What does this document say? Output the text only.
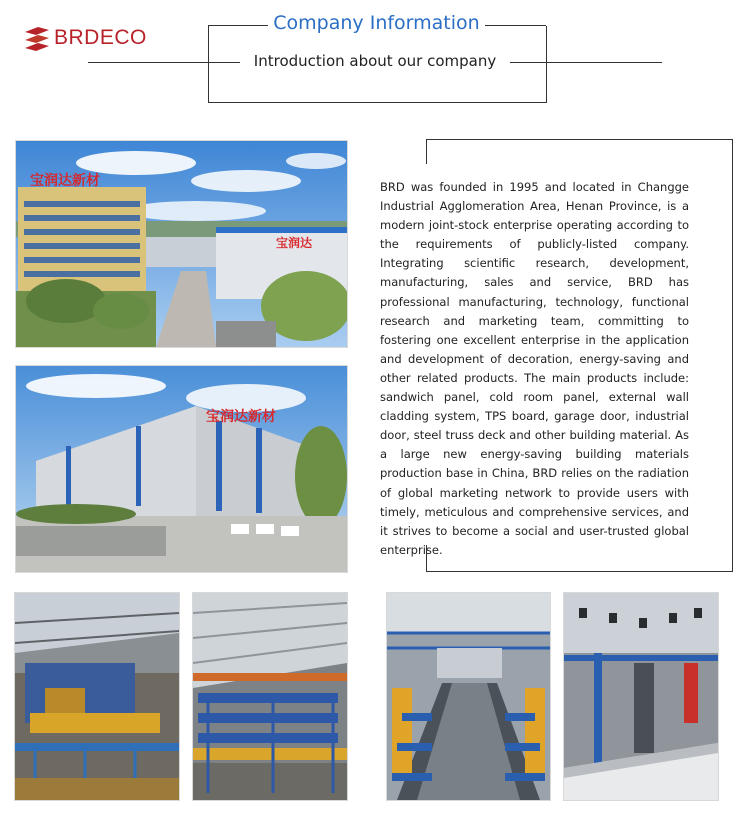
BRDECO
Company Information
Introduction about our company
宝润达新材
宝润达
宝润达新材
BRD was founded in 1995 and located in Changge Industrial Agglomeration Area, Henan Province, is a modern joint-stock enterprise operating according to the requirements of publicly-listed company. Integrating scientific research, development, manufacturing, sales and service, BRD has professional manufacturing, technology, functional research and marketing team, committing to fostering one excellent enterprise in the application and development of decoration, energy-saving and other related products. The main products include: sandwich panel, cold room panel, external wall cladding system, TPS board, garage door, industrial door, steel truss deck and other building material. As a large new energy-saving building materials production base in China, BRD relies on the radiation of global marketing network to provide users with timely, meticulous and comprehensive services, and it strives to become a social and user-trusted global enterprise.
